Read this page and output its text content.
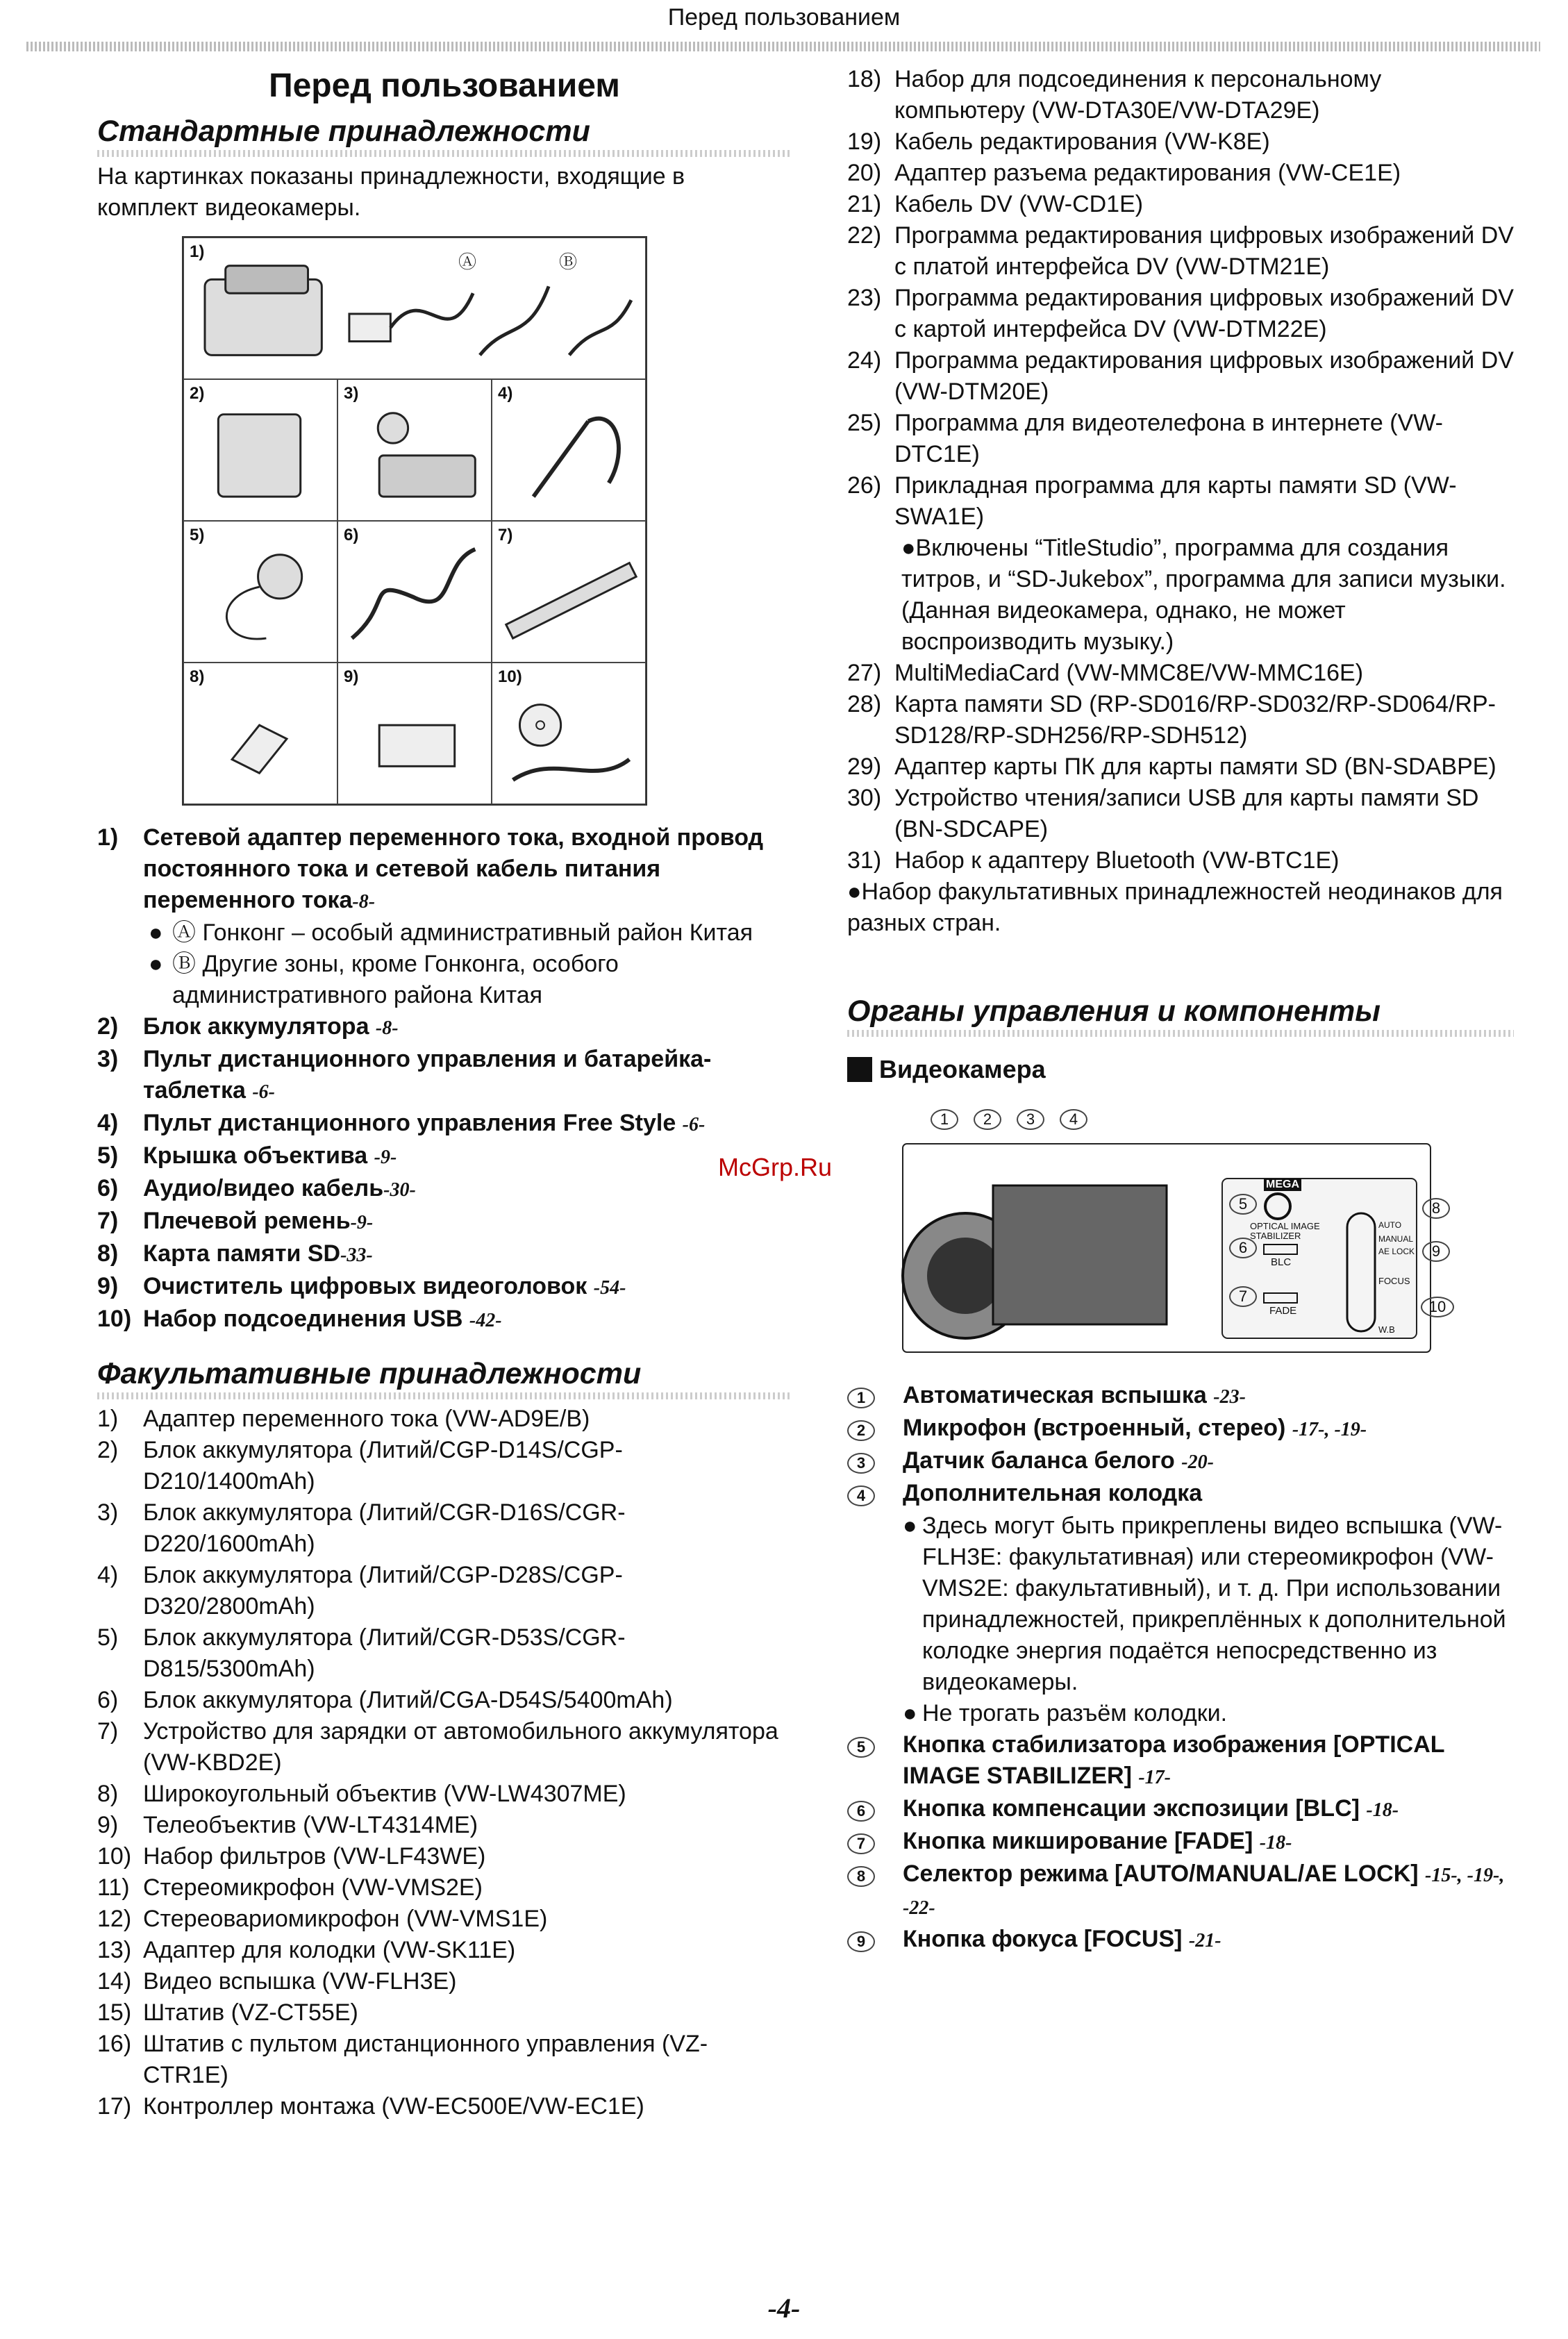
Перед пользованием
Перед пользованием
Стандартные принадлежности
На картинках показаны принадлежности, входящие в комплект видеокамеры.
1)	Ⓐ	Ⓑ
2)	3)	4)
5)	6)	7)
8)	9)	10)
1)	Сетевой адаптер переменного тока, входной провод постоянного тока и сетевой кабель питания переменного тока-8-
● Ⓐ Гонконг – особый административный район Китая
● Ⓑ Другие зоны, кроме Гонконга, особого административного района Китая
2)	Блок аккумулятора -8-
3)	Пульт дистанционного управления и батарейка-таблетка -6-
4)	Пульт дистанционного управления Free Style -6-
5)	Крышка объектива -9-
6)	Аудио/видео кабель-30-
7)	Плечевой ремень-9-
8)	Карта памяти SD-33-
9)	Очиститель цифровых видеоголовок -54-
10) Набор подсоединения USB -42-
Факультативные принадлежности
1)	Адаптер переменного тока (VW-AD9E/B)
2)	Блок аккумулятора (Литий/CGP-D14S/CGP-D210/1400mAh)
3)	Блок аккумулятора (Литий/CGR-D16S/CGR-D220/1600mAh)
4)	Блок аккумулятора (Литий/CGP-D28S/CGP-D320/2800mAh)
5)	Блок аккумулятора (Литий/CGR-D53S/CGR-D815/5300mAh)
6)	Блок аккумулятора (Литий/CGA-D54S/5400mAh)
7)	Устройство для зарядки от автомобильного аккумулятора (VW-KBD2E)
8)	Широкоугольный объектив (VW-LW4307ME)
9)	Телеобъектив (VW-LT4314ME)
10) Набор фильтров (VW-LF43WE)
11) Стереомикрофон (VW-VMS2E)
12) Стереовариомикрофон (VW-VMS1E)
13) Адаптер для колодки (VW-SK11E)
14) Видео вспышка (VW-FLH3E)
15) Штатив (VZ-CT55E)
16) Штатив с пультом дистанционного управления (VZ-CTR1E)
17) Контроллер монтажа (VW-EC500E/VW-EC1E)
18) Набор для подсоединения к персональному компьютеру (VW-DTA30E/VW-DTA29E)
19) Кабель редактирования (VW-K8E)
20) Адаптер разъема редактирования (VW-CE1E)
21) Кабель DV (VW-CD1E)
22) Программа редактирования цифровых изображений DV с платой интерфейса DV (VW-DTM21E)
23) Программа редактирования цифровых изображений DV с картой интерфейса DV (VW-DTM22E)
24) Программа редактирования цифровых изображений DV (VW-DTM20E)
25) Программа для видеотелефона в интернете (VW-DTC1E)
26) Прикладная программа для карты памяти SD (VW-SWA1E)
●Включены “TitleStudio”, программа для создания титров, и “SD-Jukebox”, программа для записи музыки. (Данная видеокамера, однако, не может воспроизводить музыку.)
27) MultiMediaCard (VW-MMC8E/VW-MMC16E)
28) Карта памяти SD (RP-SD016/RP-SD032/RP-SD064/RP-SD128/RP-SDH256/RP-SDH512)
29) Адаптер карты ПК для карты памяти SD (BN-SDABPE)
30) Устройство чтения/записи USB для карты памяти SD (BN-SDCAPE)
31) Набор к адаптеру Bluetooth (VW-BTC1E)
●Набор факультативных принадлежностей неодинаков для разных стран.
Органы управления и компоненты
Видеокамера
MEGA
OPTICAL IMAGE STABILIZER
BLC
FADE
AUTO
MANUAL
AE LOCK
FOCUS
W.B
1	2	3	4
5
6
7
8
9
10
1	Автоматическая вспышка -23-
2	Микрофон (встроенный, стерео) -17-, -19-
3	Датчик баланса белого -20-
4	Дополнительная колодка
● Здесь могут быть прикреплены видео вспышка (VW-FLH3E: факультативная) или стереомикрофон (VW-VMS2E: факультативный), и т. д. При использовании принадлежностей, прикреплённых к дополнительной колодке энергия подаётся непосредственно из видеокамеры.
● Не трогать разъём колодки.
5	Кнопка стабилизатора изображения [OPTICAL IMAGE STABILIZER] -17-
6	Кнопка компенсации экспозиции [BLC] -18-
7	Кнопка микширование [FADE] -18-
8	Селектор режима [AUTO/MANUAL/AE LOCK] -15-, -19-, -22-
9	Кнопка фокуса [FOCUS] -21-
McGrp.Ru
-4-
